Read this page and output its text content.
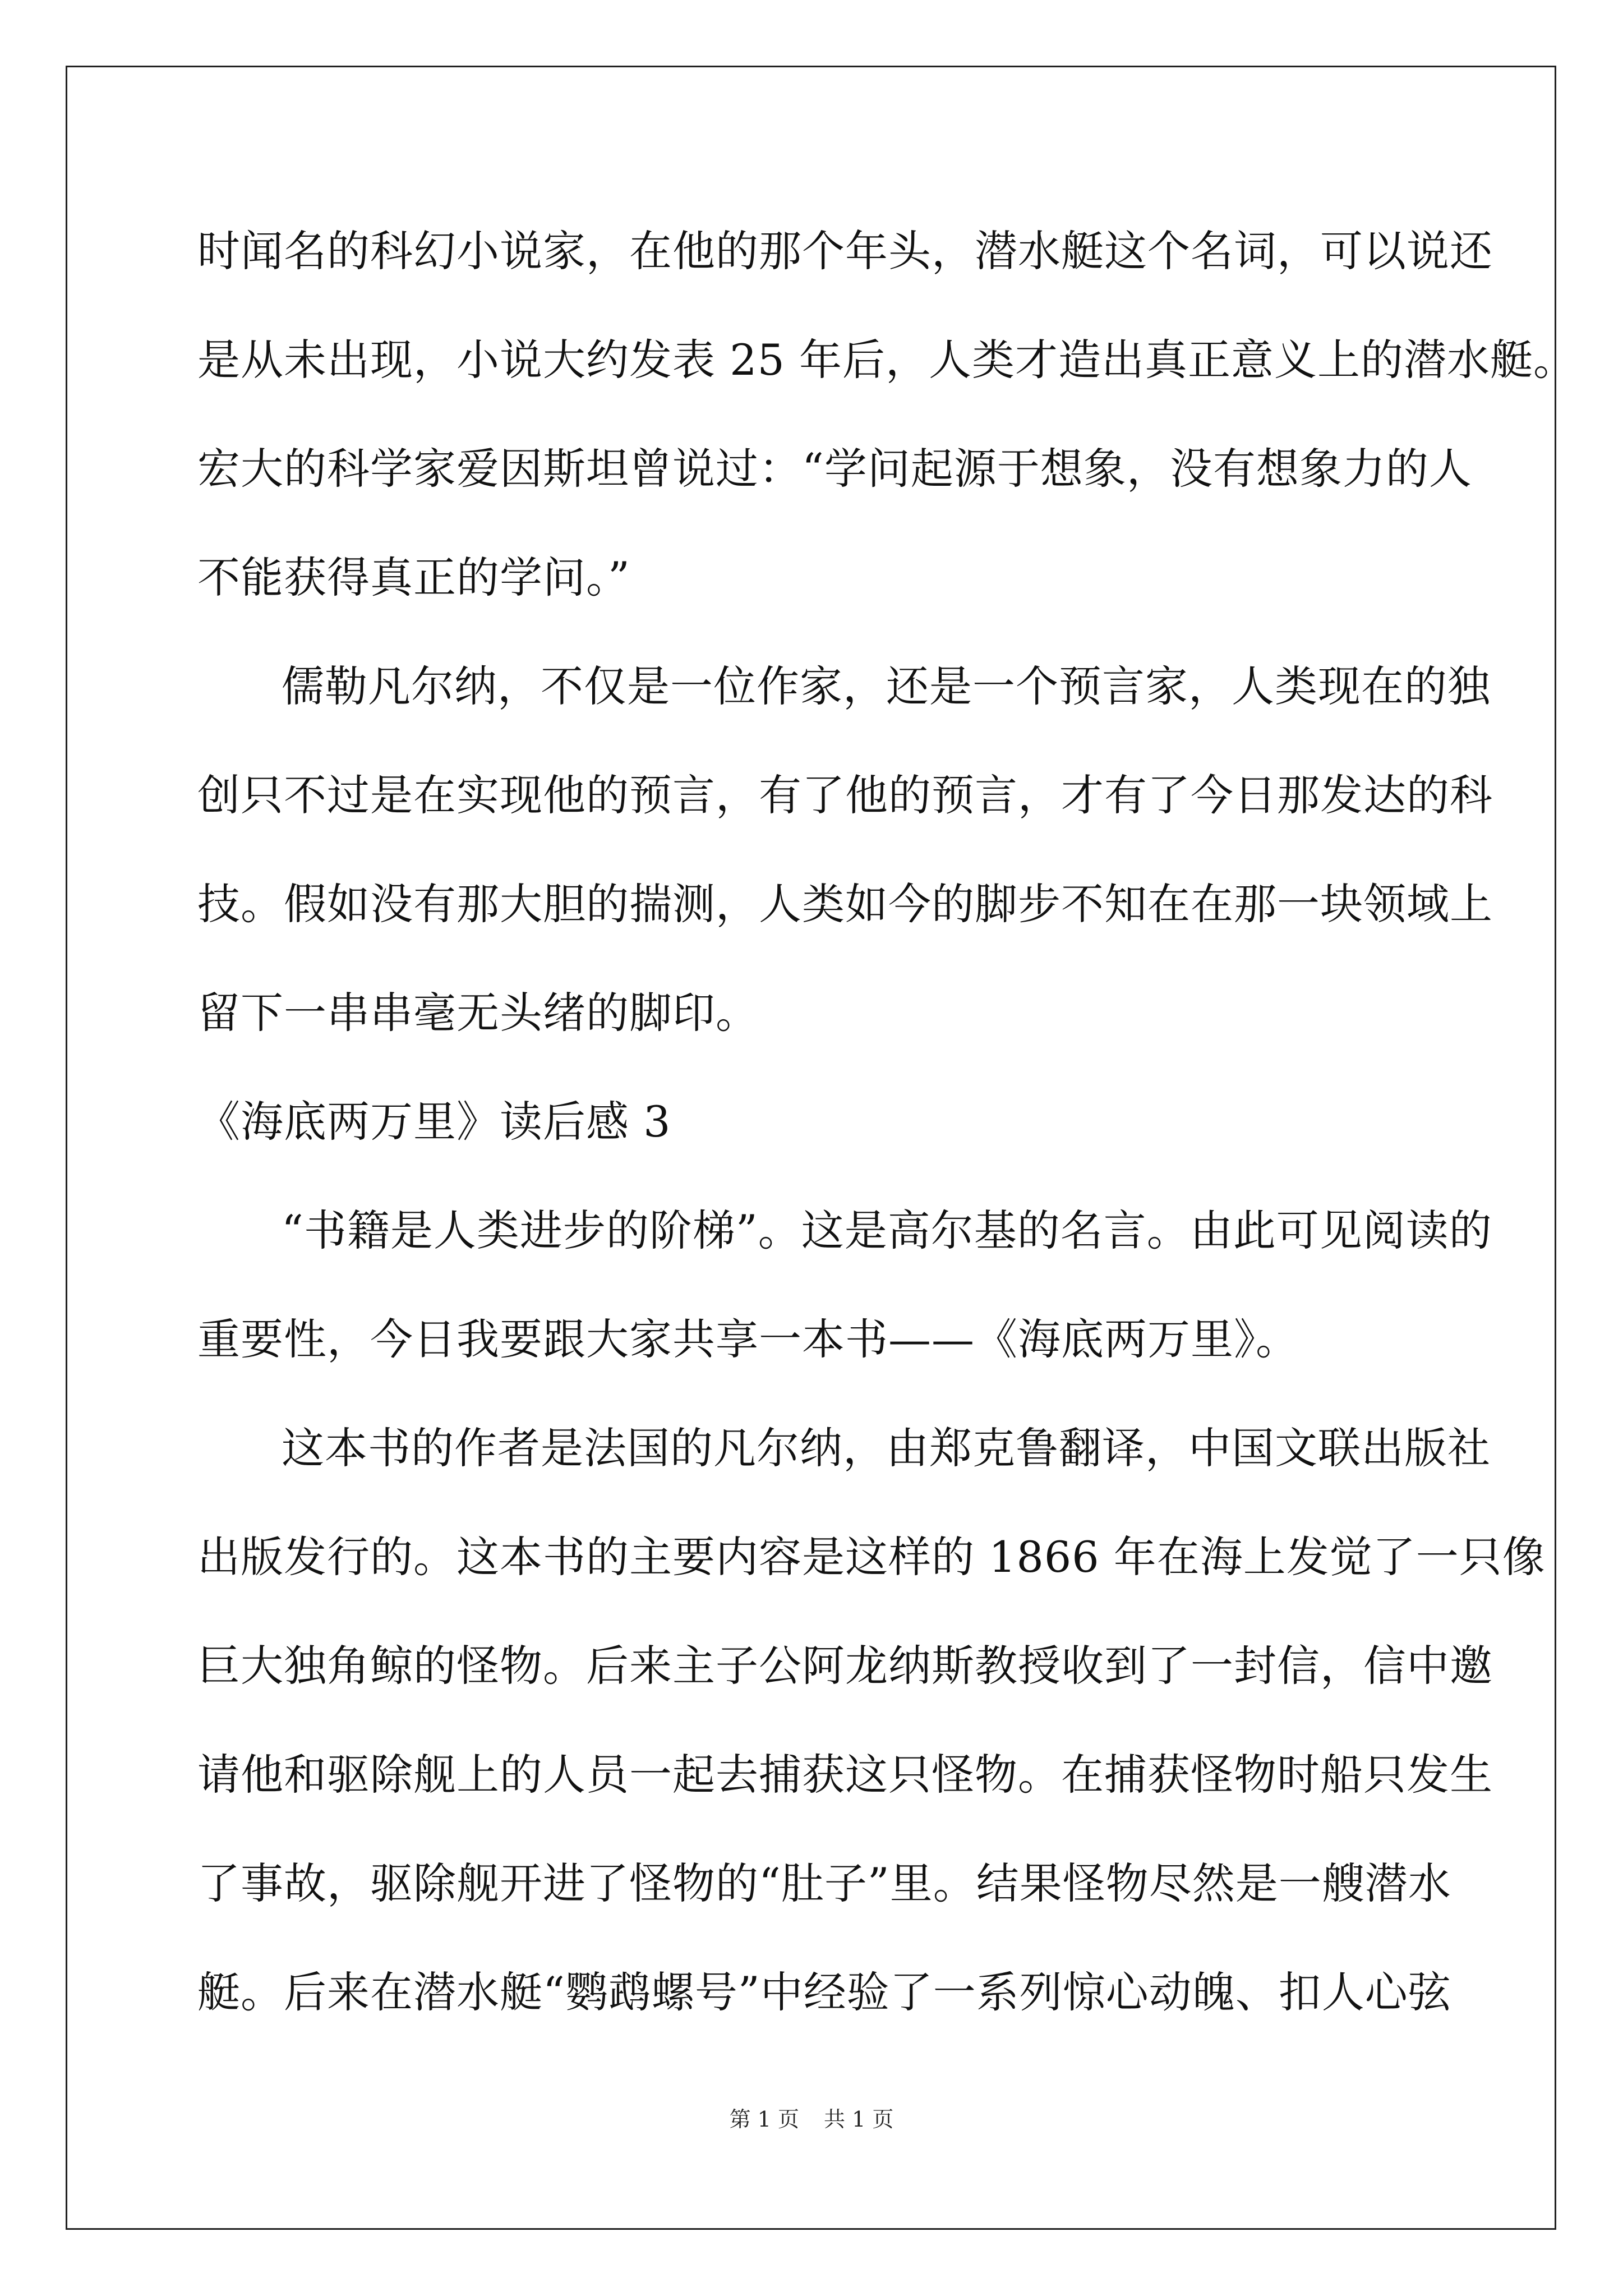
时闻名的科幻小说家，在他的那个年头，潜水艇这个名词，可以说还

是从未出现，小说大约发表 25 年后，人类才造出真正意义上的潜水艇。

宏大的科学家爱因斯坦曾说过：“学问起源于想象，没有想象力的人

不能获得真正的学问。”

儒勒凡尔纳，不仅是一位作家，还是一个预言家，人类现在的独

创只不过是在实现他的预言，有了他的预言，才有了今日那发达的科

技。假如没有那大胆的揣测，人类如今的脚步不知在在那一块领域上

留下一串串毫无头绪的脚印。

《海底两万里》读后感 3

“书籍是人类进步的阶梯”。这是高尔基的名言。由此可见阅读的

重要性，今日我要跟大家共享一本书——《海底两万里》。

这本书的作者是法国的凡尔纳，由郑克鲁翻译，中国文联出版社

出版发行的。这本书的主要内容是这样的 1866 年在海上发觉了一只像

巨大独角鲸的怪物。后来主子公阿龙纳斯教授收到了一封信，信中邀

请他和驱除舰上的人员一起去捕获这只怪物。在捕获怪物时船只发生

了事故，驱除舰开进了怪物的“肚子”里。结果怪物尽然是一艘潜水

艇。后来在潜水艇“鹦鹉螺号”中经验了一系列惊心动魄、扣人心弦

第 1 页 共 1 页
